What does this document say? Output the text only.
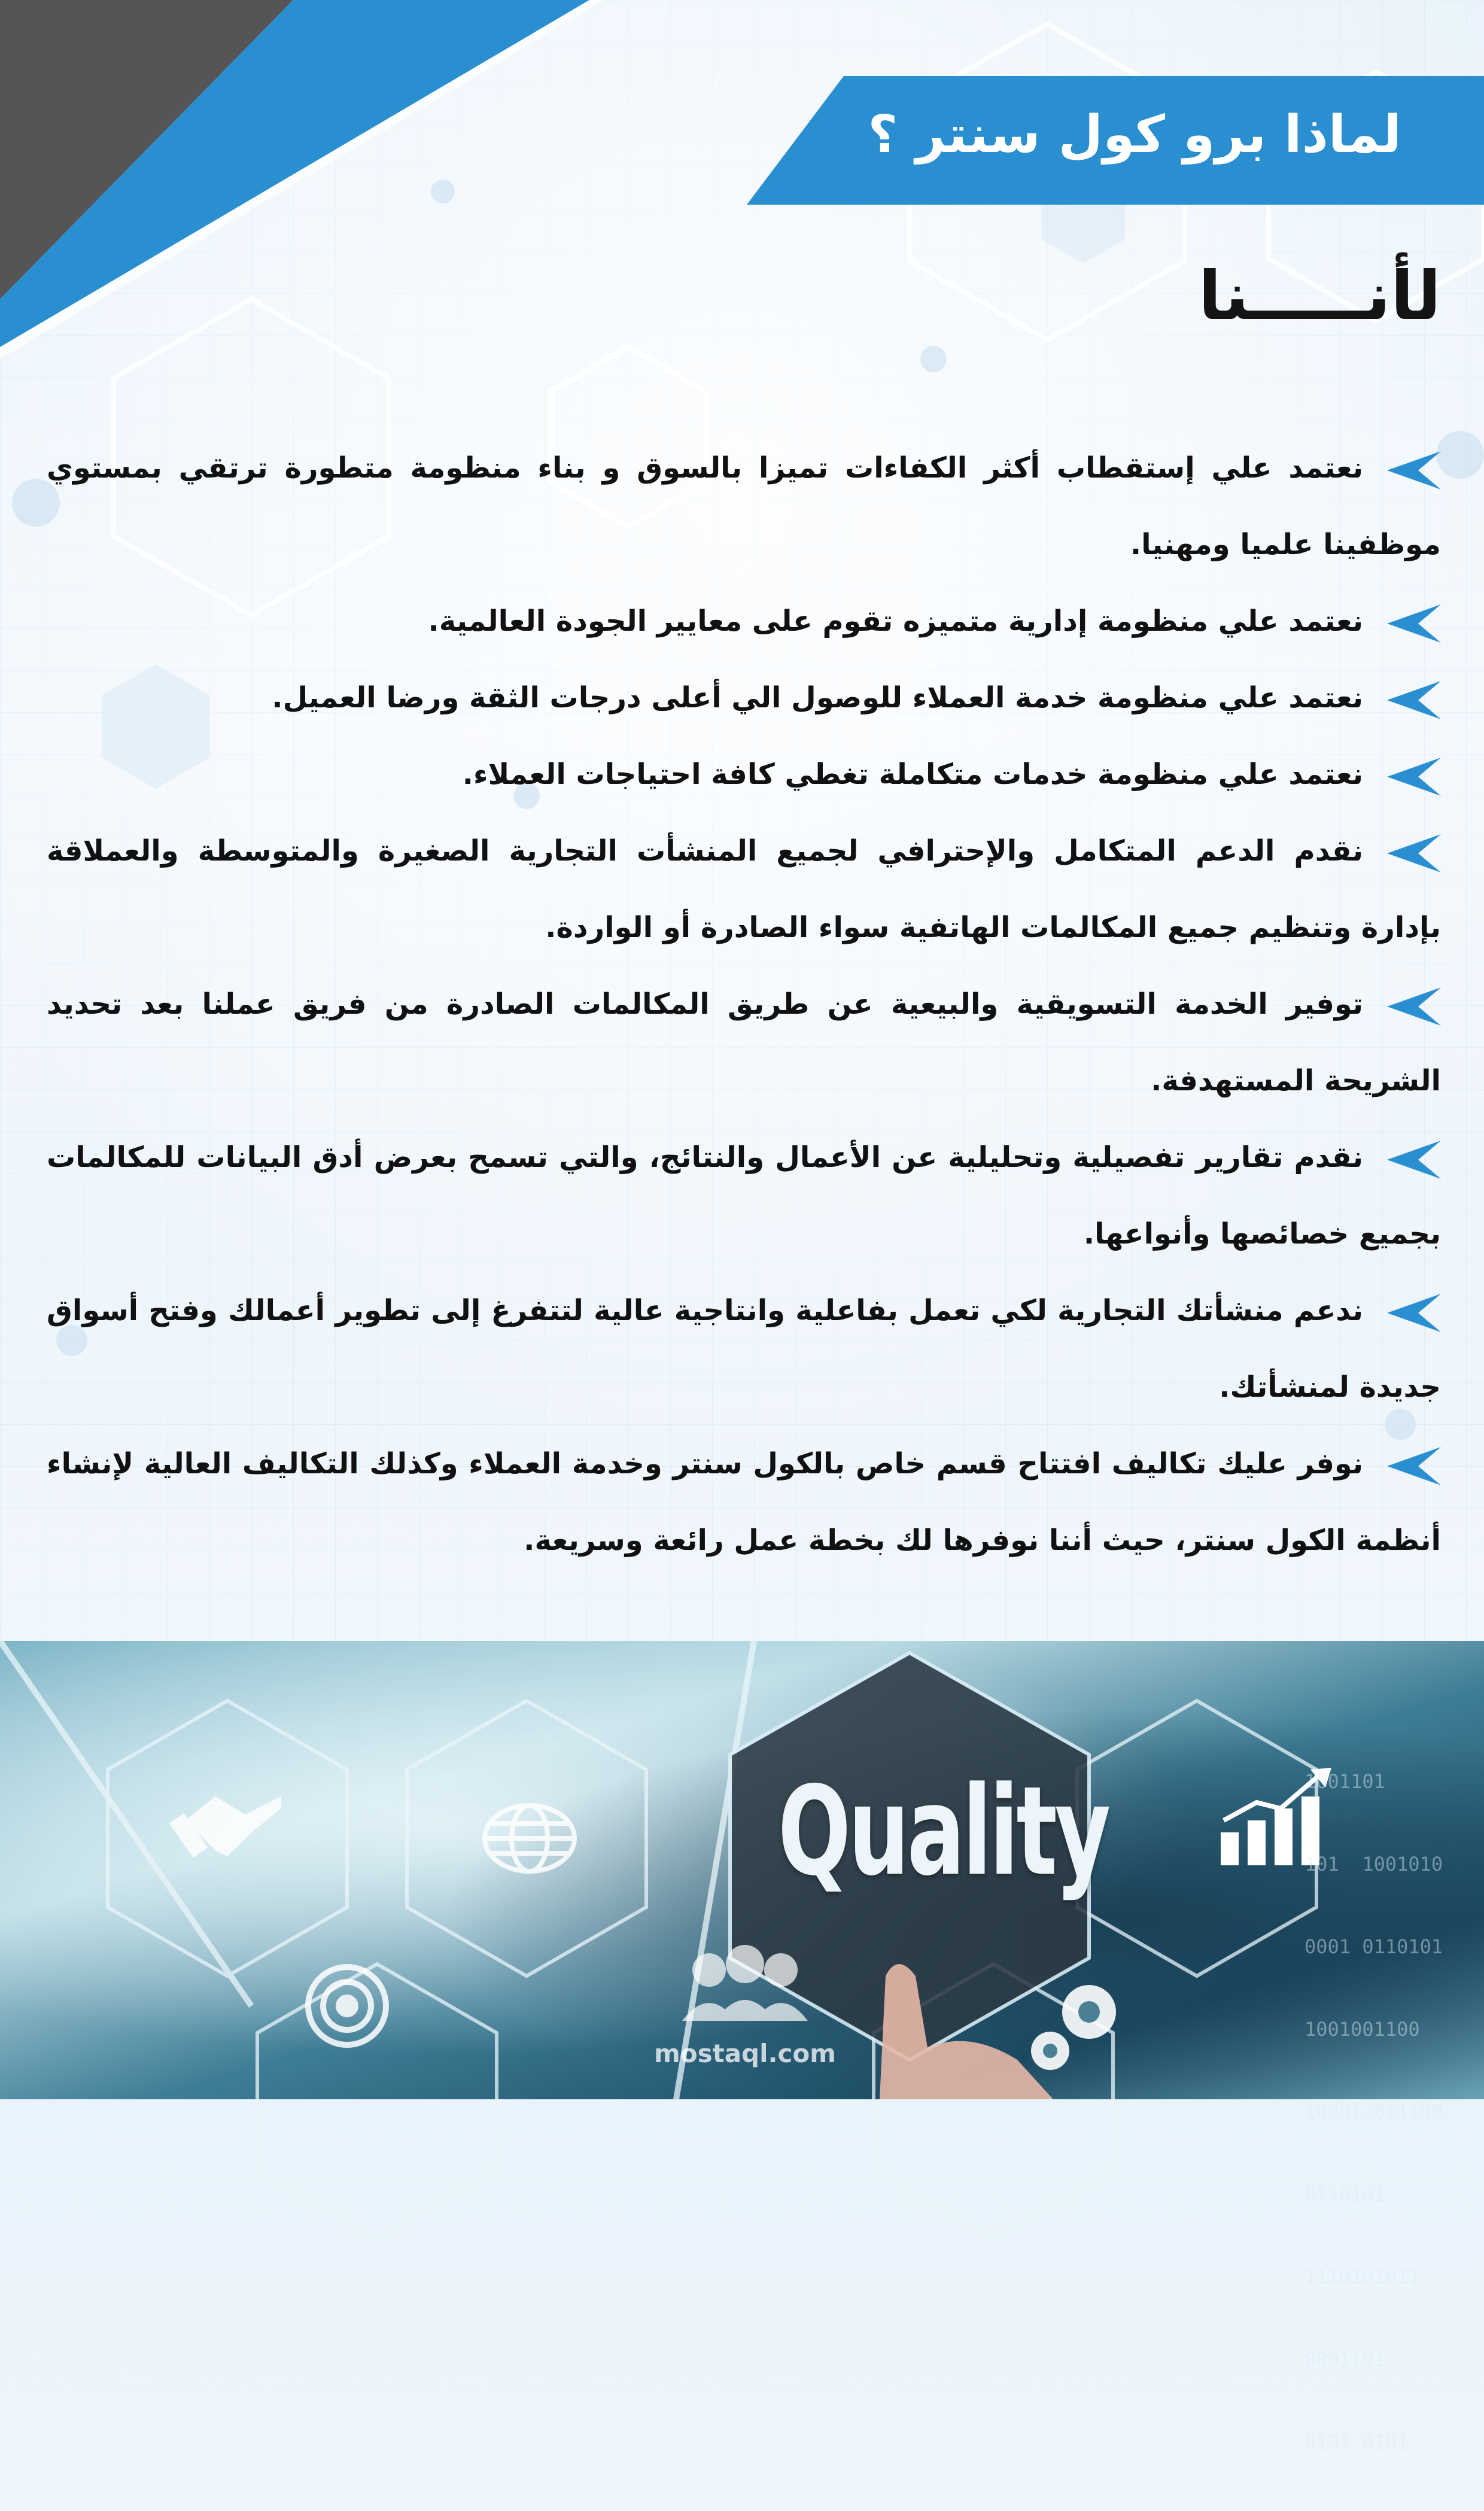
لماذا برو كول سنتر ؟
لأنـــــنا
نعتمد علي إستقطاب أكثر الكفاءات تميزا بالسوق و بناء منظومة متطورة ترتقي بمستوي موظفينا علميا ومهنيا.
نعتمد علي منظومة إدارية متميزه تقوم على معايير الجودة العالمية.
نعتمد علي منظومة خدمة العملاء للوصول الي أعلى درجات الثقة ورضا العميل.
نعتمد علي منظومة خدمات متكاملة تغطي كافة احتياجات العملاء.
نقدم الدعم المتكامل والإحترافي لجميع المنشأت التجارية الصغيرة والمتوسطة والعملاقة بإدارة وتنظيم جميع المكالمات الهاتفية سواء الصادرة أو الواردة.
توفير الخدمة التسويقية والبيعية عن طريق المكالمات الصادرة من فريق عملنا بعد تحديد الشريحة المستهدفة.
نقدم تقارير تفصيلية وتحليلية عن الأعمال والنتائج، والتي تسمح بعرض أدق البيانات للمكالمات بجميع خصائصها وأنواعها.
ندعم منشأتك التجارية لكي تعمل بفاعلية وانتاجية عالية لتتفرغ إلى تطوير أعمالك وفتح أسواق جديدة لمنشأتك.
نوفر عليك تكاليف افتتاح قسم خاص بالكول سنتر وخدمة العملاء وكذلك التكاليف العالية لإنشاء أنظمة الكول سنتر، حيث أننا نوفرها لك بخطة عمل رائعة وسريعة.

1001101

101  1001010

0001 0110101

1001001100

10001 011100

0110101

1110101011

0001101

0101 0101

Quality
mostaql.com
